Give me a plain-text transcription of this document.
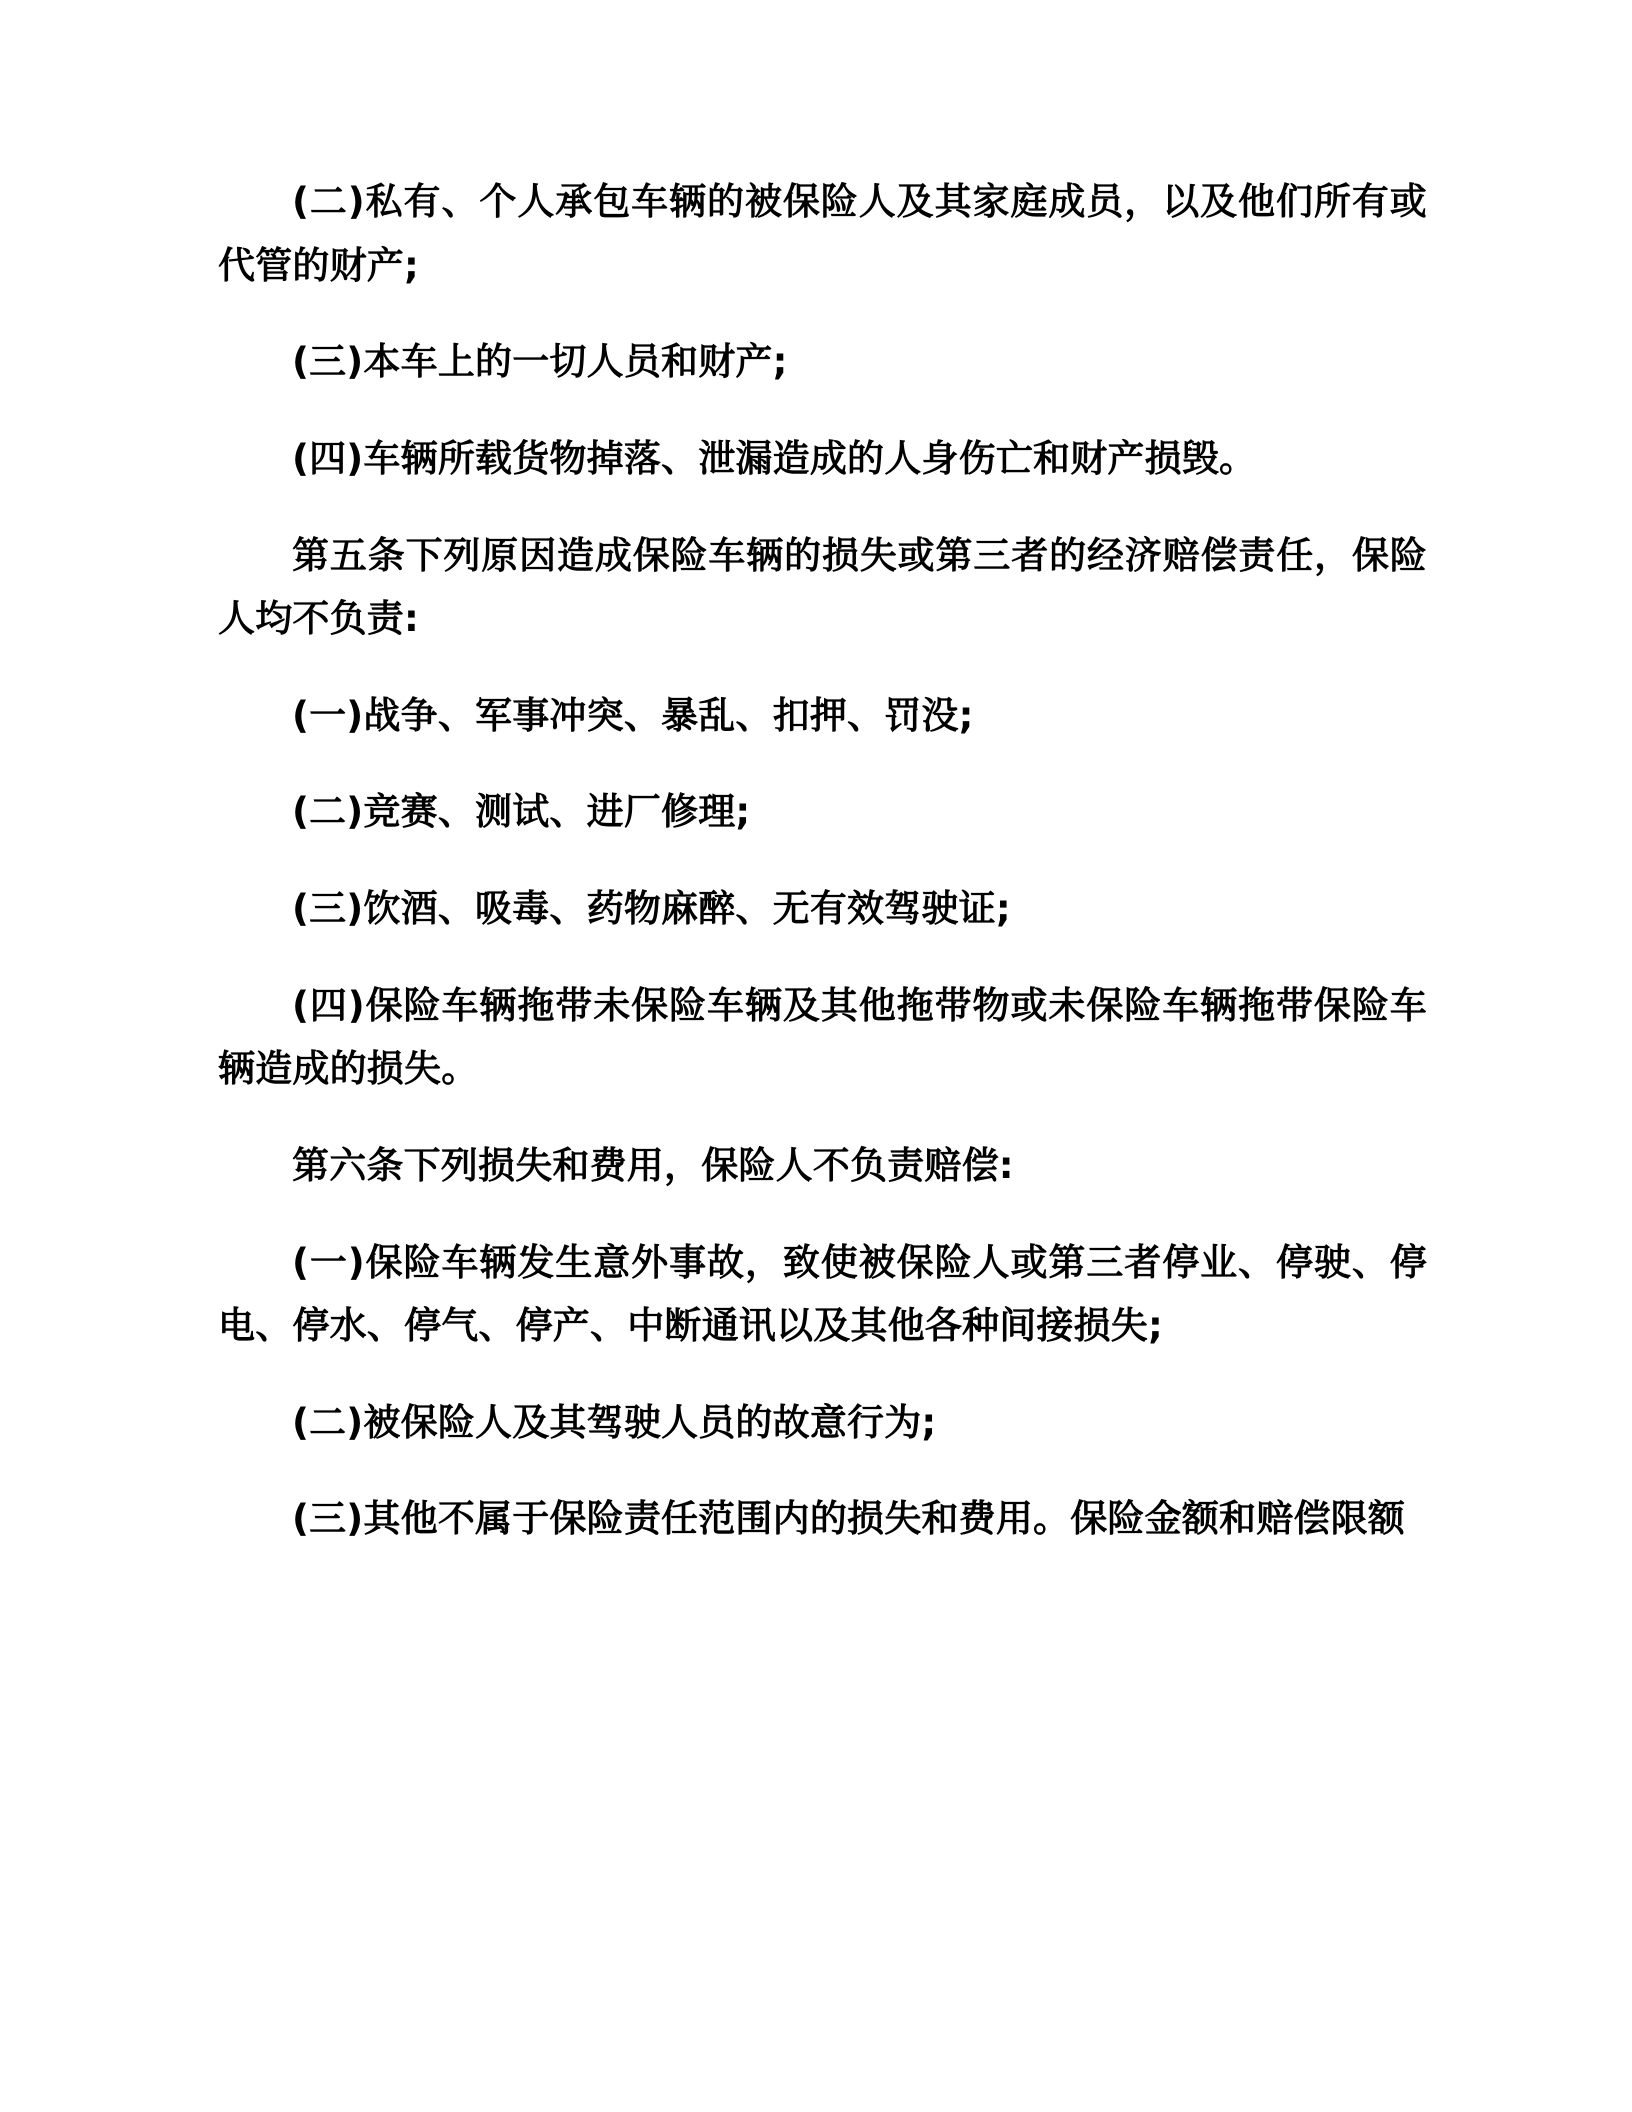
(二)私有、个人承包车辆的被保险人及其家庭成员，以及他们所有或代管的财产;

(三)本车上的一切人员和财产;

(四)车辆所载货物掉落、泄漏造成的人身伤亡和财产损毁。

第五条下列原因造成保险车辆的损失或第三者的经济赔偿责任，保险人均不负责:

(一)战争、军事冲突、暴乱、扣押、罚没;

(二)竞赛、测试、进厂修理;

(三)饮酒、吸毒、药物麻醉、无有效驾驶证;

(四)保险车辆拖带未保险车辆及其他拖带物或未保险车辆拖带保险车辆造成的损失。

第六条下列损失和费用，保险人不负责赔偿:

(一)保险车辆发生意外事故，致使被保险人或第三者停业、停驶、停电、停水、停气、停产、中断通讯以及其他各种间接损失;

(二)被保险人及其驾驶人员的故意行为;

(三)其他不属于保险责任范围内的损失和费用。保险金额和赔偿限额
